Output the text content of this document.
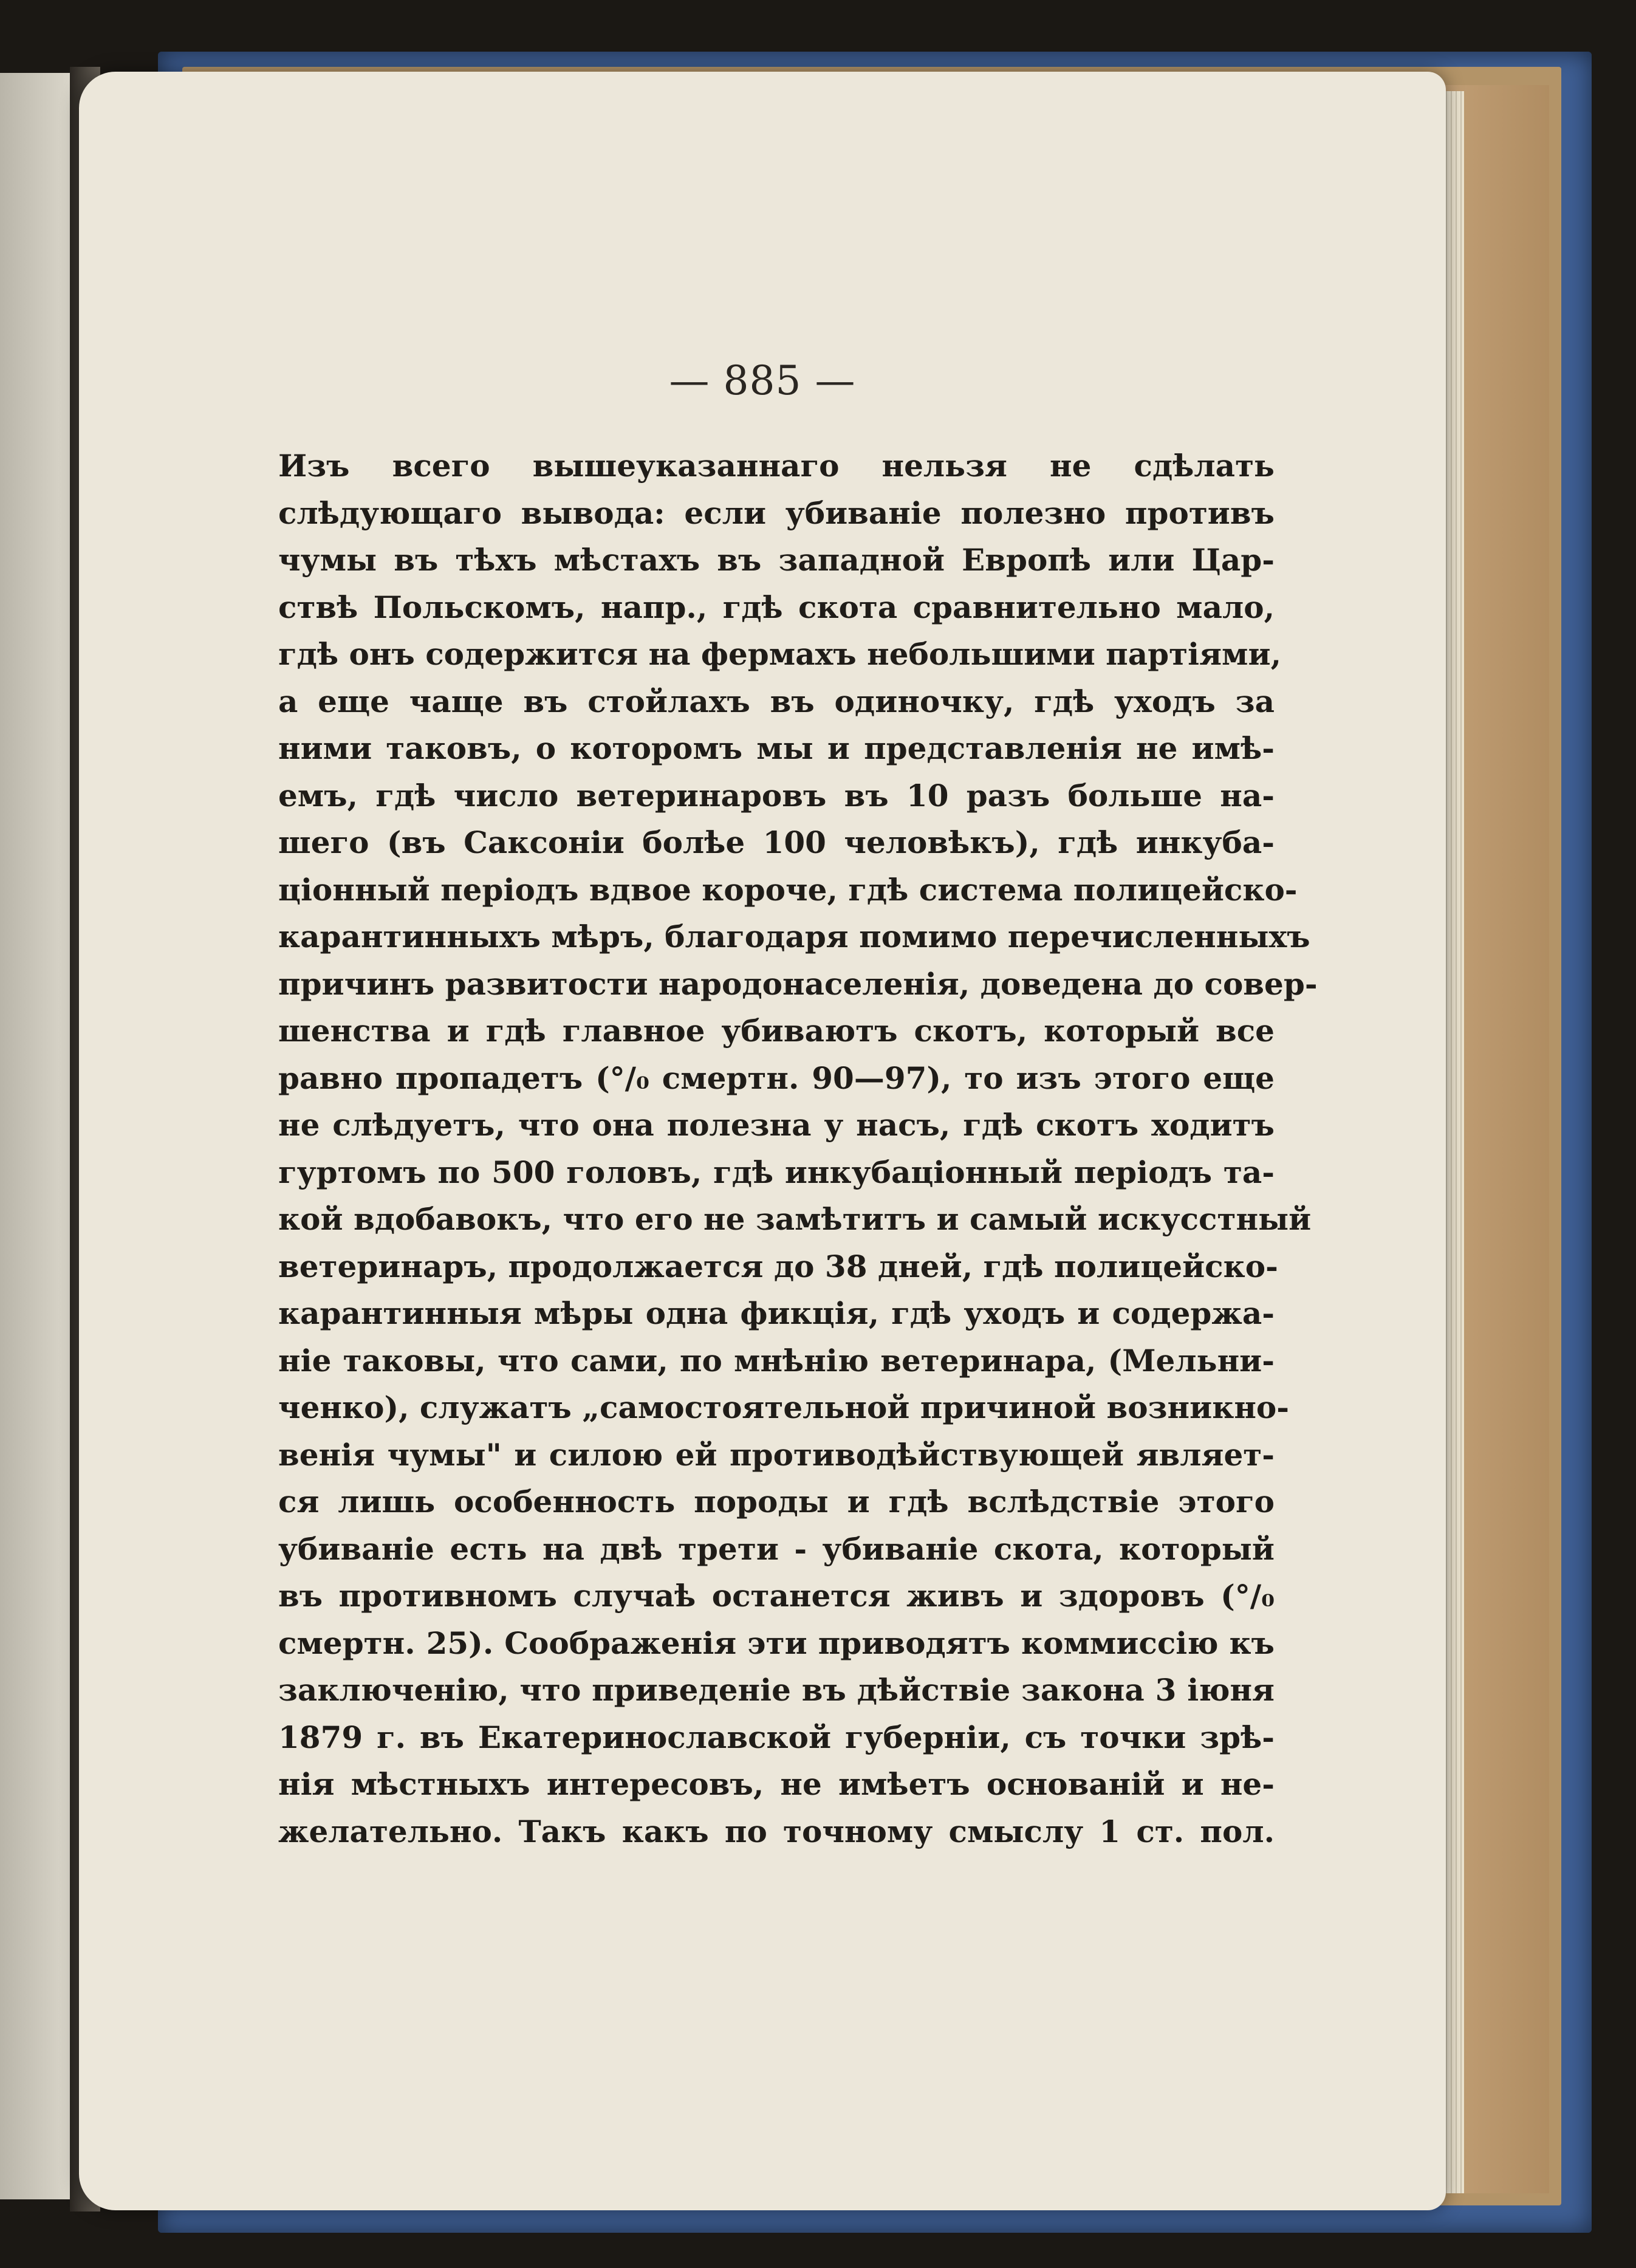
— 885 —
Изъ всего вышеуказаннаго нельзя не сдѣлать
слѣдующаго вывода: если убиваніе полезно противъ
чумы въ тѣхъ мѣстахъ въ западной Европѣ или Цар-
ствѣ Польскомъ, напр., гдѣ скота сравнительно мало,
гдѣ онъ содержится на фермахъ небольшими партіями,
а еще чаще въ стойлахъ въ одиночку, гдѣ уходъ за
ними таковъ, о которомъ мы и представленія не имѣ-
емъ, гдѣ число ветеринаровъ въ 10 разъ больше на-
шего (въ Саксоніи болѣе 100 человѣкъ), гдѣ инкуба-
ціонный періодъ вдвое короче, гдѣ система полицейско-
карантинныхъ мѣръ, благодаря помимо перечисленныхъ
причинъ развитости народонаселенія, доведена до совер-
шенства и гдѣ главное убиваютъ скотъ, который все
равно пропадетъ (°/₀ смертн. 90—97), то изъ этого еще
не слѣдуетъ, что она полезна у насъ, гдѣ скотъ ходитъ
гуртомъ по 500 головъ, гдѣ инкубаціонный періодъ та-
кой вдобавокъ, что его не замѣтитъ и самый искусстный
ветеринаръ, продолжается до 38 дней, гдѣ полицейско-
карантинныя мѣры одна фикція, гдѣ уходъ и содержа-
ніе таковы, что сами, по мнѣнію ветеринара, (Мельни-
ченко), служатъ „самостоятельной причиной возникно-
венія чумы" и силою ей противодѣйствующей являет-
ся лишь особенность породы и гдѣ вслѣдствіе этого
убиваніе есть на двѣ трети - убиваніе скота, который
въ противномъ случаѣ останется живъ и здоровъ (°/₀
смертн. 25). Соображенія эти приводятъ коммиссію къ
заключенію, что приведеніе въ дѣйствіе закона 3 іюня
1879 г. въ Екатеринославской губерніи, съ точки зрѣ-
нія мѣстныхъ интересовъ, не имѣетъ основаній и не-
желательно. Такъ какъ по точному смыслу 1 ст. пол.
